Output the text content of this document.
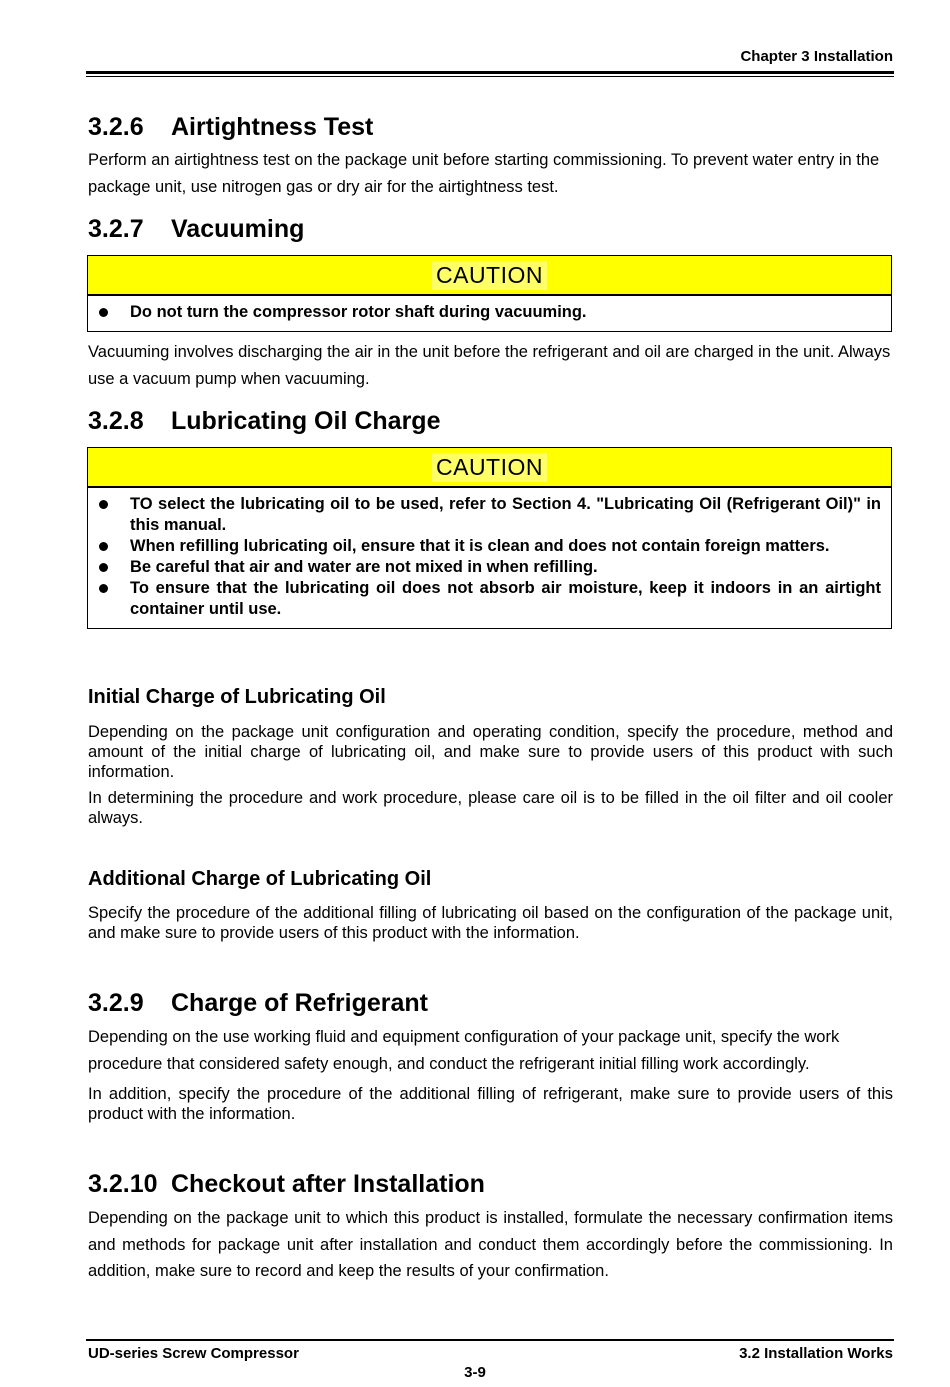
Chapter 3 Installation
3.2.6 Airtightness Test
Perform an airtightness test on the package unit before starting commissioning. To prevent water entry in the package unit, use nitrogen gas or dry air for the airtightness test.
3.2.7 Vacuuming
CAUTION
Do not turn the compressor rotor shaft during vacuuming.
Vacuuming involves discharging the air in the unit before the refrigerant and oil are charged in the unit. Always use a vacuum pump when vacuuming.
3.2.8 Lubricating Oil Charge
CAUTION
TO select the lubricating oil to be used, refer to Section 4. "Lubricating Oil (Refrigerant Oil)" in this manual.
When refilling lubricating oil, ensure that it is clean and does not contain foreign matters.
Be careful that air and water are not mixed in when refilling.
To ensure that the lubricating oil does not absorb air moisture, keep it indoors in an airtight container until use.
Initial Charge of Lubricating Oil
Depending on the package unit configuration and operating condition, specify the procedure, method and amount of the initial charge of lubricating oil, and make sure to provide users of this product with such information.
In determining the procedure and work procedure, please care oil is to be filled in the oil filter and oil cooler always.
Additional Charge of Lubricating Oil
Specify the procedure of the additional filling of lubricating oil based on the configuration of the package unit, and make sure to provide users of this product with the information.
3.2.9 Charge of Refrigerant
Depending on the use working fluid and equipment configuration of your package unit, specify the work procedure that considered safety enough, and conduct the refrigerant initial filling work accordingly.
In addition, specify the procedure of the additional filling of refrigerant, make sure to provide users of this product with the information.
3.2.10 Checkout after Installation
Depending on the package unit to which this product is installed, formulate the necessary confirmation items and methods for package unit after installation and conduct them accordingly before the commissioning. In addition, make sure to record and keep the results of your confirmation.
UD-series Screw Compressor	3.2 Installation Works
3-9
